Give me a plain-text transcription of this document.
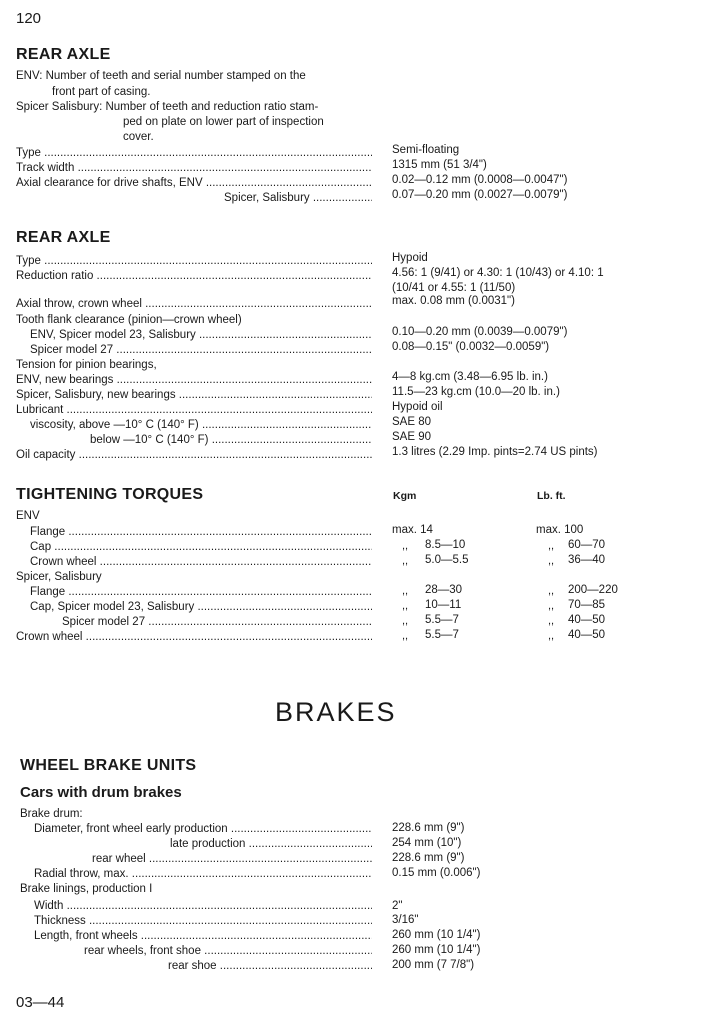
120
REAR AXLE
ENV: Number of teeth and serial number stamped on the
front part of casing.
Spicer Salisbury: Number of teeth and reduction ratio stam-
ped on plate on lower part of inspection
cover.
Type .....	Semi-floating
Track width .....	1315 mm (51 3/4")
Axial clearance for drive shafts, ENV .....	0.02—0.12 mm (0.0008—0.0047")
Spicer, Salisbury .....	0.07—0.20 mm (0.0027—0.0079")
REAR AXLE
Type .....	Hypoid
Reduction ratio .....	4.56: 1 (9/41) or 4.30: 1 (10/43) or 4.10: 1
(10/41 or 4.55: 1 (11/50)
Axial throw, crown wheel .....	max. 0.08 mm (0.0031")
Tooth flank clearance (pinion—crown wheel)
ENV, Spicer model 23, Salisbury .....	0.10—0.20 mm (0.0039—0.0079")
Spicer model 27 .....	0.08—0.15" (0.0032—0.0059")
Tension for pinion bearings,
ENV, new bearings .....	4—8 kg.cm (3.48—6.95 lb. in.)
Spicer, Salisbury, new bearings .....	11.5—23 kg.cm (10.0—20 lb. in.)
Lubricant .....	Hypoid oil
viscosity, above —10° C (140° F) .....	SAE 80
below —10° C (140° F) .....	SAE 90
Oil capacity .....	1.3 litres (2.29 Imp. pints=2.74 US pints)
TIGHTENING TORQUES	Kgm	Lb. ft.
ENV
Flange .....	max. 14	max. 100
Cap .....	,, 8.5—10	,, 60—70
Crown wheel .....	,, 5.0—5.5	,, 36—40
Spicer, Salisbury
Flange .....	,, 28—30	,, 200—220
Cap, Spicer model 23, Salisbury .....	,, 10—11	,, 70—85
Spicer model 27 .....	,, 5.5—7	,, 40—50
Crown wheel .....	,, 5.5—7	,, 40—50
BRAKES
WHEEL BRAKE UNITS
Cars with drum brakes
Brake drum:
Diameter, front wheel early production .....	228.6 mm (9")
late production .....	254 mm (10")
rear wheel .....	228.6 mm (9")
Radial throw, max. .....	0.15 mm (0.006")
Brake linings, production I
Width .....	2"
Thickness .....	3/16"
Length, front wheels .....	260 mm (10 1/4")
rear wheels, front shoe .....	260 mm (10 1/4")
rear shoe .....	200 mm (7 7/8")
03—44
